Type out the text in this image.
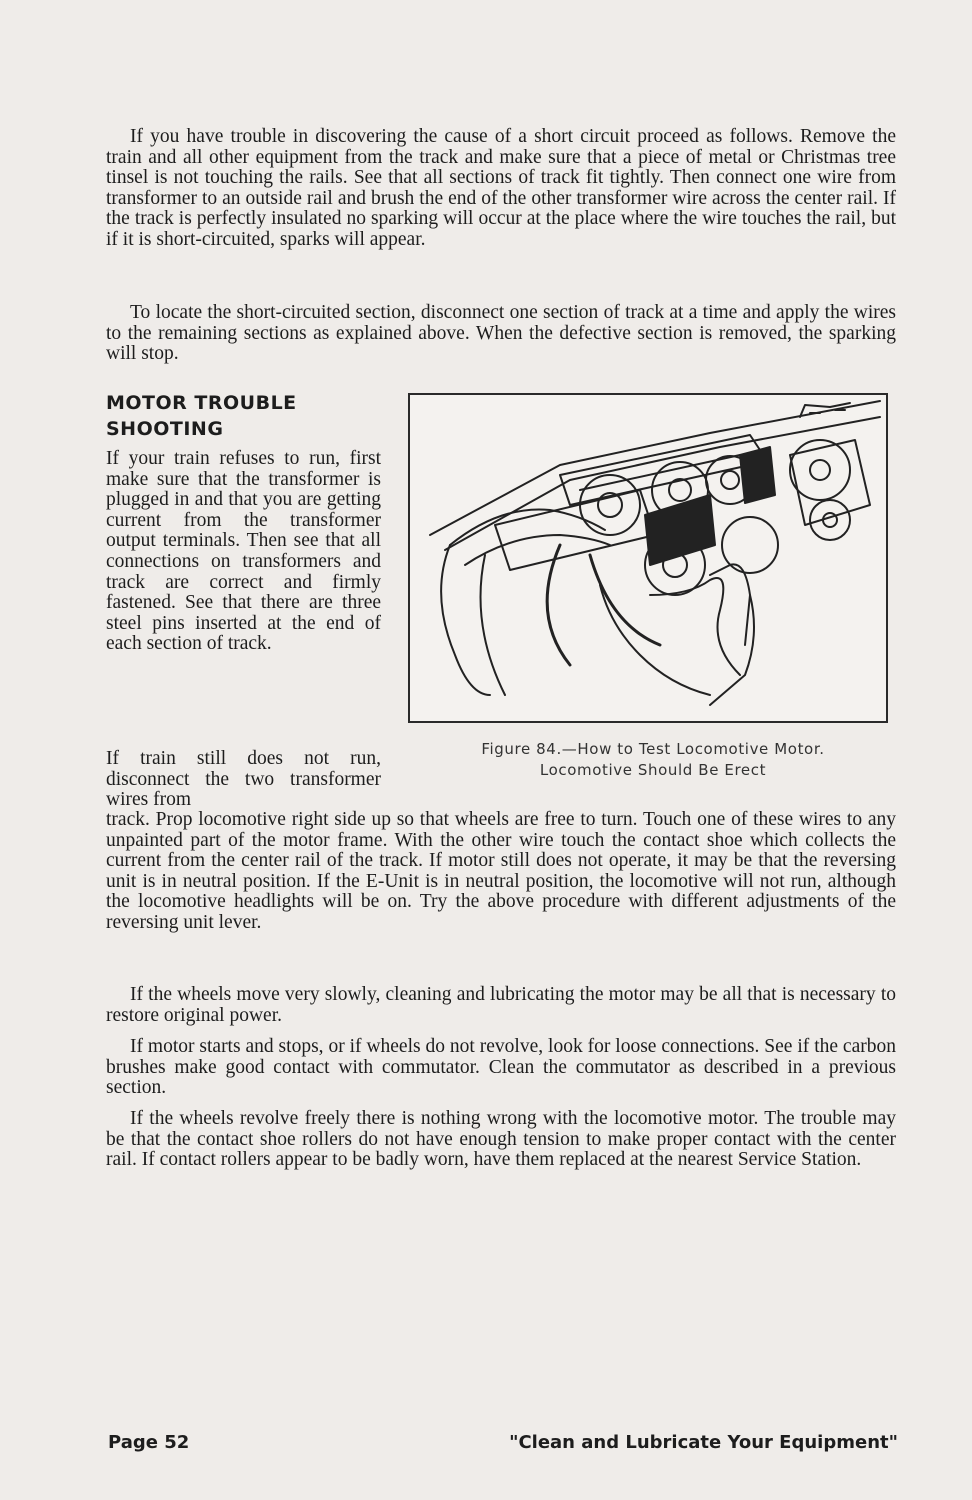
If you have trouble in discovering the cause of a short circuit proceed as follows. Remove the train and all other equipment from the track and make sure that a piece of metal or Christmas tree tinsel is not touching the rails. See that all sections of track fit tightly. Then connect one wire from transformer to an outside rail and brush the end of the other transformer wire across the center rail. If the track is perfectly insulated no sparking will occur at the place where the wire touches the rail, but if it is short-circuited, sparks will appear.

To locate the short-circuited section, disconnect one section of track at a time and apply the wires to the remaining sections as explained above. When the defective section is removed, the sparking will stop.

MOTOR TROUBLE
SHOOTING

If your train refuses to run, first make sure that the transformer is plugged in and that you are getting current from the transformer output terminals. Then see that all connections on transformers and track are correct and firmly fastened. See that there are three steel pins inserted at the end of each section of track.

If train still does not run, disconnect the two transformer wires from

track. Prop locomotive right side up so that wheels are free to turn. Touch one of these wires to any unpainted part of the motor frame. With the other wire touch the contact shoe which collects the current from the center rail of the track. If motor still does not operate, it may be that the reversing unit is in neutral position. If the E-Unit is in neutral position, the locomotive will not run, although the locomotive headlights will be on. Try the above procedure with different adjustments of the reversing unit lever.

If the wheels move very slowly, cleaning and lubricating the motor may be all that is necessary to restore original power.

If motor starts and stops, or if wheels do not revolve, look for loose connections. See if the carbon brushes make good contact with commutator. Clean the commutator as described in a previous section.

If the wheels revolve freely there is nothing wrong with the locomotive motor. The trouble may be that the contact shoe rollers do not have enough tension to make proper contact with the center rail. If contact rollers appear to be badly worn, have them replaced at the nearest Service Station.

Figure 84.—How to Test Locomotive Motor.
Locomotive Should Be Erect
Page 52	"Clean and Lubricate Your Equipment"
